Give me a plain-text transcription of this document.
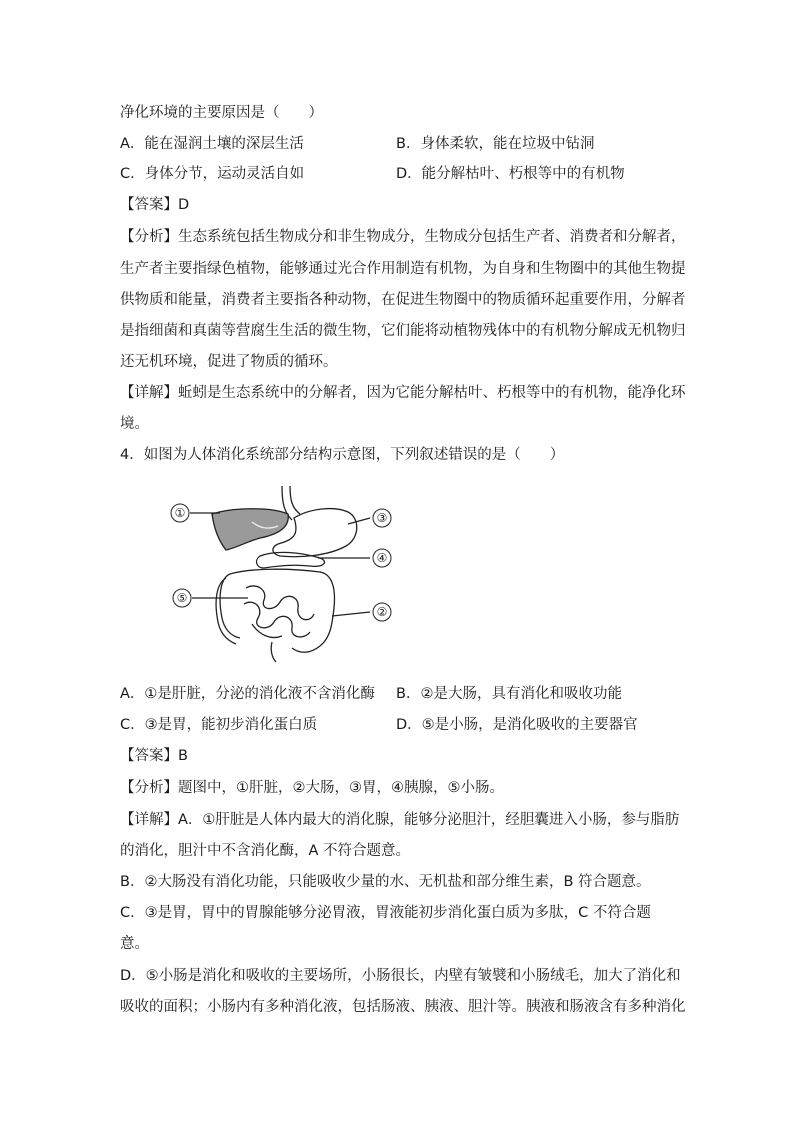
净化环境的主要原因是（　　）
A．能在湿润土壤的深层生活	B．身体柔软，能在垃圾中钻洞
C．身体分节，运动灵活自如	D．能分解枯叶、朽根等中的有机物
【答案】D
【分析】生态系统包括生物成分和非生物成分，生物成分包括生产者、消费者和分解者，
生产者主要指绿色植物，能够通过光合作用制造有机物，为自身和生物圈中的其他生物提
供物质和能量，消费者主要指各种动物，在促进生物圈中的物质循环起重要作用，分解者
是指细菌和真菌等营腐生生活的微生物，它们能将动植物残体中的有机物分解成无机物归
还无机环境，促进了物质的循环。
【详解】蚯蚓是生态系统中的分解者，因为它能分解枯叶、朽根等中的有机物，能净化环
境。
4．如图为人体消化系统部分结构示意图，下列叙述错误的是（　　）
①	③
④
⑤
②
A．①是肝脏，分泌的消化液不含消化酶 B．②是大肠，具有消化和吸收功能
C．③是胃，能初步消化蛋白质	D．⑤是小肠，是消化吸收的主要器官
【答案】B
【分析】题图中，①肝脏，②大肠，③胃，④胰腺，⑤小肠。
【详解】A．①肝脏是人体内最大的消化腺，能够分泌胆汁，经胆囊进入小肠，参与脂肪
的消化，胆汁中不含消化酶，A 不符合题意。
B．②大肠没有消化功能，只能吸收少量的水、无机盐和部分维生素，B 符合题意。
C．③是胃，胃中的胃腺能够分泌胃液，胃液能初步消化蛋白质为多肽，C 不符合题
意。
D．⑤小肠是消化和吸收的主要场所，小肠很长，内壁有皱襞和小肠绒毛，加大了消化和
吸收的面积；小肠内有多种消化液，包括肠液、胰液、胆汁等。胰液和肠液含有多种消化
